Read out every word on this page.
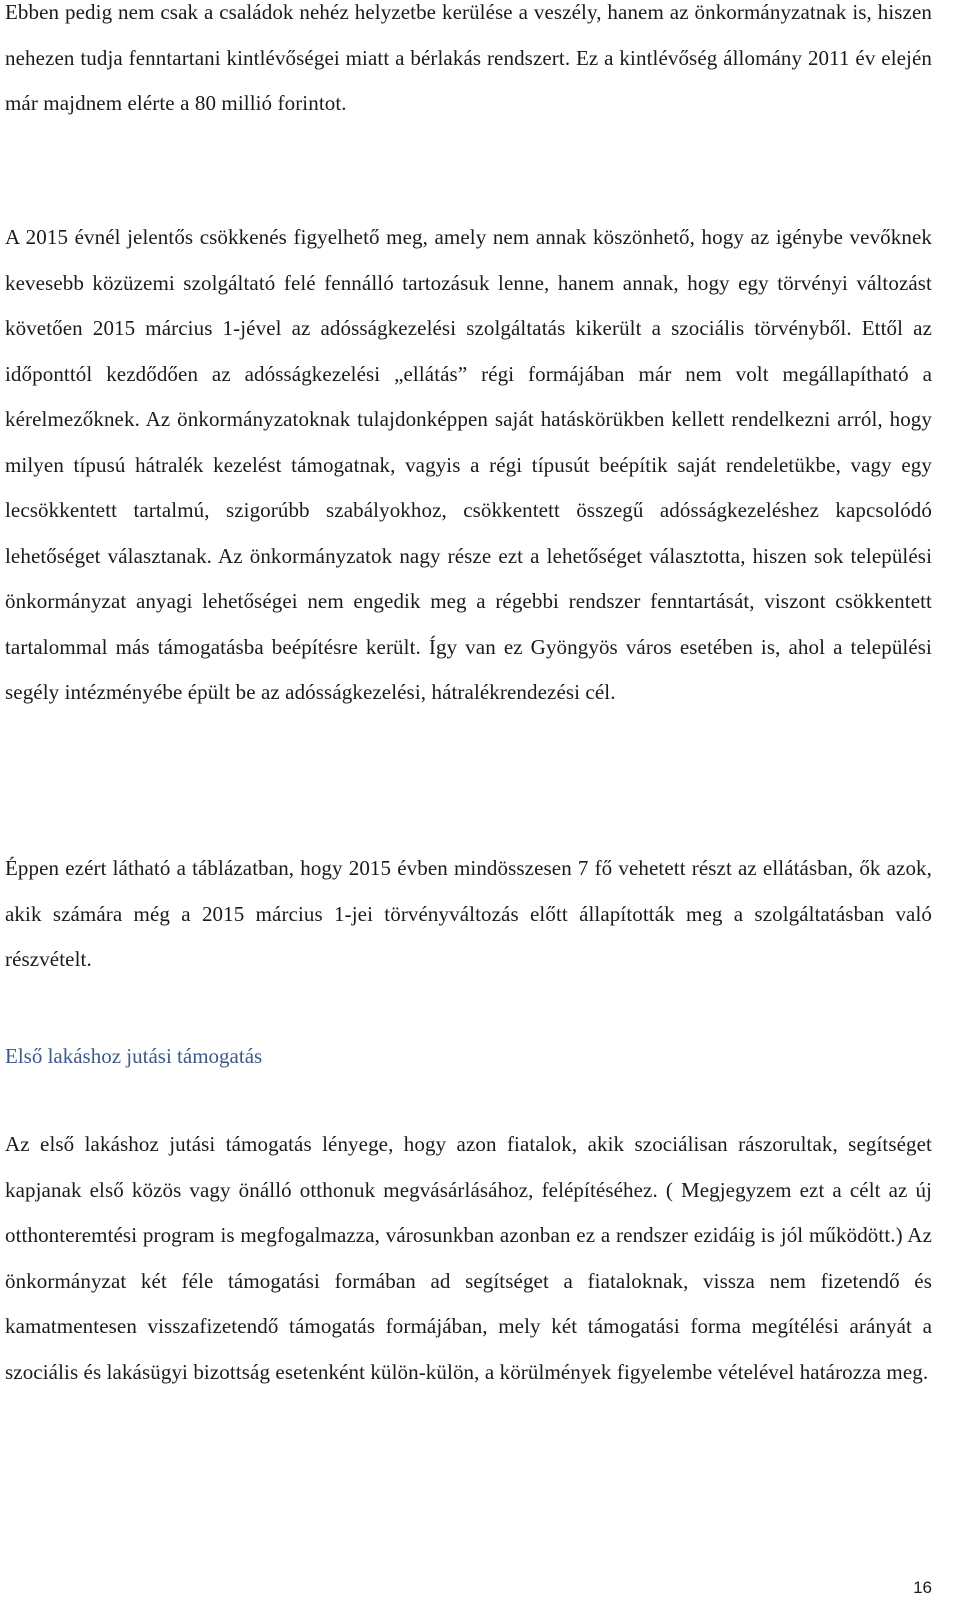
Ebben pedig nem csak a családok nehéz helyzetbe kerülése a veszély, hanem az önkormányzatnak is, hiszen nehezen tudja fenntartani kintlévőségei miatt a bérlakás rendszert. Ez a kintlévőség állomány 2011 év elején már majdnem elérte a 80 millió forintot.

A 2015 évnél jelentős csökkenés figyelhető meg, amely nem annak köszönhető, hogy az igénybe vevőknek kevesebb közüzemi szolgáltató felé fennálló tartozásuk lenne, hanem annak, hogy egy törvényi változást követően 2015 március 1-jével az adósságkezelési szolgáltatás kikerült a szociális törvényből. Ettől az időponttól kezdődően az adósságkezelési „ellátás” régi formájában már nem volt megállapítható a kérelmezőknek. Az önkormányzatoknak tulajdonképpen saját hatáskörükben kellett rendelkezni arról, hogy milyen típusú hátralék kezelést támogatnak, vagyis a régi típusút beépítik saját rendeletükbe, vagy egy lecsökkentett tartalmú, szigorúbb szabályokhoz, csökkentett összegű adósságkezeléshez kapcsolódó lehetőséget választanak. Az önkormányzatok nagy része ezt a lehetőséget választotta, hiszen sok települési önkormányzat anyagi lehetőségei nem engedik meg a régebbi rendszer fenntartását, viszont csökkentett tartalommal más támogatásba beépítésre került. Így van ez Gyöngyös város esetében is, ahol a települési segély intézményébe épült be az adósságkezelési, hátralékrendezési cél.

Éppen ezért látható a táblázatban, hogy 2015 évben mindösszesen 7 fő vehetett részt az ellátásban, ők azok, akik számára még a 2015 március 1-jei törvényváltozás előtt állapították meg a szolgáltatásban való részvételt.

Első lakáshoz jutási támogatás

Az első lakáshoz jutási támogatás lényege, hogy azon fiatalok, akik szociálisan rászorultak, segítséget kapjanak első közös vagy önálló otthonuk megvásárlásához, felépítéséhez. ( Megjegyzem ezt a célt az új otthonteremtési program is megfogalmazza, városunkban azonban ez a rendszer ezidáig is jól működött.) Az önkormányzat két féle támogatási formában ad segítséget a fiataloknak, vissza nem fizetendő és kamatmentesen visszafizetendő támogatás formájában, mely két támogatási forma megítélési arányát a szociális és lakásügyi bizottság esetenként külön-külön, a körülmények figyelembe vételével határozza meg.

16
